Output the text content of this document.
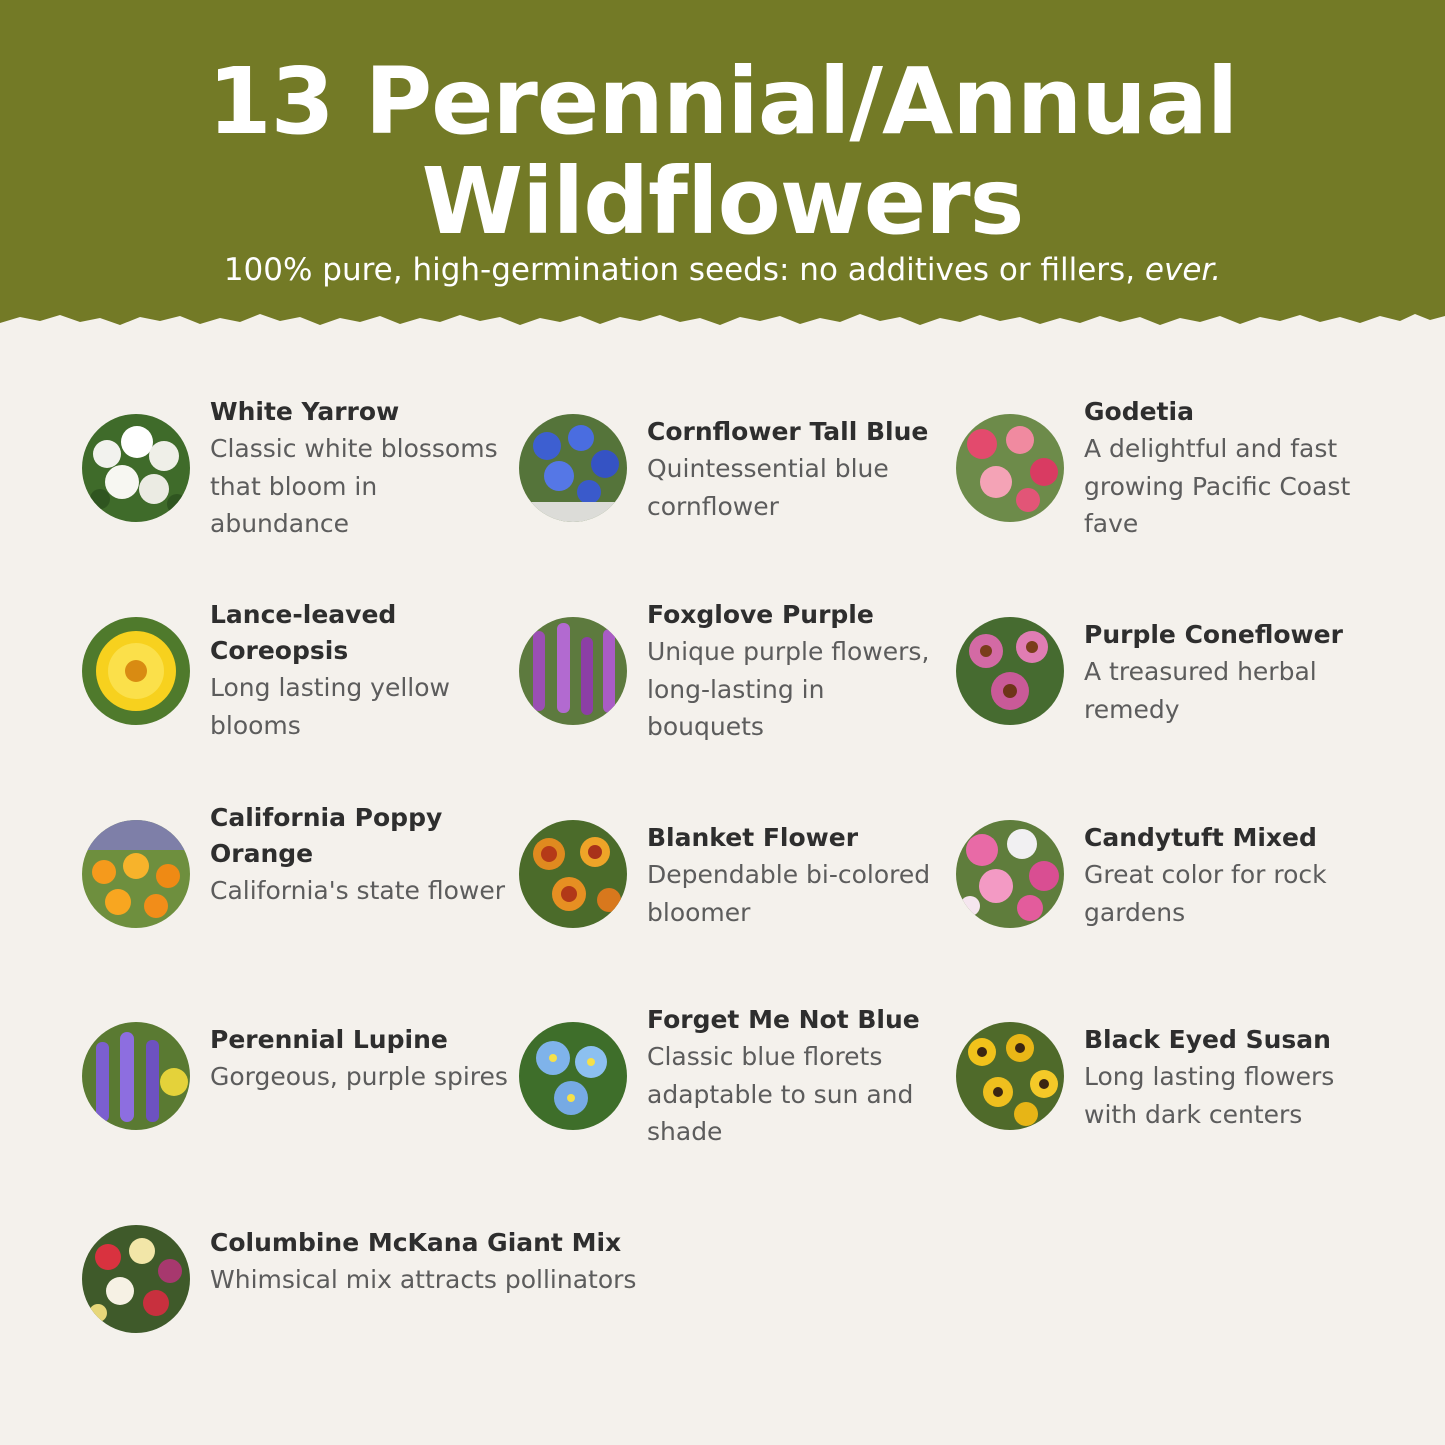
13 Perennial/Annual
Wildflowers
100% pure, high-germination seeds: no additives or fillers, ever.
White Yarrow
Classic white blossoms that bloom in abundance
Cornflower Tall Blue
Quintessential blue cornflower
Godetia
A delightful and fast growing Pacific Coast fave
Lance-leaved Coreopsis
Long lasting yellow blooms
Foxglove Purple
Unique purple flowers, long-lasting in bouquets
Purple Coneflower
A treasured herbal remedy
California Poppy Orange
California's state flower
Blanket Flower
Dependable bi-colored bloomer
Candytuft Mixed
Great color for rock gardens
Perennial Lupine
Gorgeous, purple spires
Forget Me Not Blue
Classic blue florets adaptable to sun and shade
Black Eyed Susan
Long lasting flowers with dark centers
Columbine McKana Giant Mix
Whimsical mix attracts pollinators
